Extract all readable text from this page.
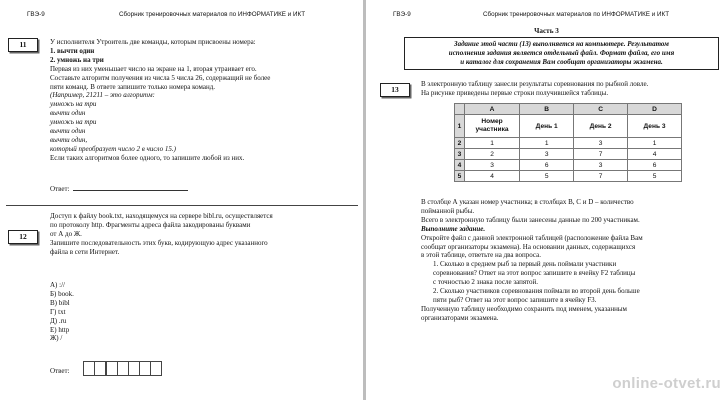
ГВЭ-9	Сборник тренировочных материалов по ИНФОРМАТИКЕ и ИКТ
11	У исполнителя Утроитель две команды, которым присвоены номера:
1. вычти один
2. умножь на три
Первая из них уменьшает число на экране на 1, вторая утраивает его.
Составьте алгоритм получения из числа 5 числа 26, содержащий не более
пяти команд. В ответе запишите только номера команд.
(Например, 21211 – это алгоритм:
умножь на три
вычти один
умножь на три
вычти один
вычти один,
который преобразует число 2 в число 15.)
Если таких алгоритмов более одного, то запишите любой из них.
Ответ:
12
Доступ к файлу book.txt, находящемуся на сервере bibl.ru, осуществляется
по протоколу http. Фрагменты адреса файла закодированы буквами
от А до Ж.
Запишите последовательность этих букв, кодирующую адрес указанного
файла в сети Интернет.
А) ://
Б) book.
В) bibl
Г) txt
Д) .ru
Е) http
Ж) /
Ответ:
ГВЭ-9	Сборник тренировочных материалов по ИНФОРМАТИКЕ и ИКТ
Часть 3
Задание этой части (13) выполняется на компьютере. Результатом
исполнения задания является отдельный файл. Формат файла, его имя
и каталог для сохранения Вам сообщат организаторы экзамена.
13
В электронную таблицу занесли результаты соревнования по рыбной ловле.
На рисунке приведены первые строки получившейся таблицы.
	A	B	C	D
1	Номер участника	День 1	День 2	День 3
2	1	1	3	1
3	2	3	7	4
4	3	6	3	6
5	4	5	7	5
В столбце А указан номер участника; в столбцах B, C и D – количество
пойманной рыбы.
Всего в электронную таблицу были занесены данные по 200 участникам.
Выполните задание.
Откройте файл с данной электронной таблицей (расположение файла Вам
сообщат организаторы экзамена). На основании данных, содержащихся
в этой таблице, ответьте на два вопроса.
1. Сколько в среднем рыб за первый день поймали участники
соревнования? Ответ на этот вопрос запишите в ячейку F2 таблицы
с точностью 2 знака после запятой.
2. Сколько участников соревнования поймали во второй день больше
пяти рыб? Ответ на этот вопрос запишите в ячейку F3.
Полученную таблицу необходимо сохранить под именем, указанным
организаторами экзамена.
online-otvet.ru
